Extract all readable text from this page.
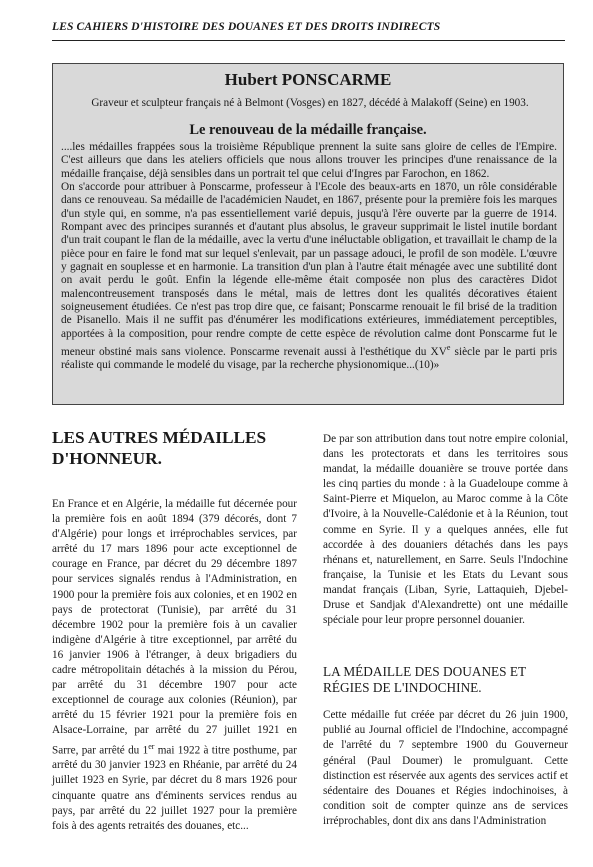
LES CAHIERS D'HISTOIRE DES DOUANES ET DES DROITS INDIRECTS
Hubert PONSCARME
Graveur et sculpteur français né à Belmont (Vosges) en 1827, décédé à Malakoff (Seine) en 1903.
Le renouveau de la médaille française.

....les médailles frappées sous la troisième République prennent la suite sans gloire de celles de l'Empire. C'est ailleurs que dans les ateliers officiels que nous allons trouver les principes d'une renaissance de la médaille française, déjà sensibles dans un portrait tel que celui d'Ingres par Farochon, en 1862.

On s'accorde pour attribuer à Ponscarme, professeur à l'Ecole des beaux-arts en 1870, un rôle considérable dans ce renouveau. Sa médaille de l'académicien Naudet, en 1867, présente pour la première fois les marques d'un style qui, en somme, n'a pas essentiellement varié depuis, jusqu'à l'ère ouverte par la guerre de 1914. Rompant avec des principes surannés et d'autant plus absolus, le graveur supprimait le listel inutile bordant d'un trait coupant le flan de la médaille, avec la vertu d'une inéluctable obligation, et travaillait le champ de la pièce pour en faire le fond mat sur lequel s'enlevait, par un passage adouci, le profil de son modèle. L'œuvre y gagnait en souplesse et en harmonie. La transition d'un plan à l'autre était ménagée avec une subtilité dont on avait perdu le goût. Enfin la légende elle-même était composée non plus des caractères Didot malencontreusement transposés dans le métal, mais de lettres dont les qualités décoratives étaient soigneusement étudiées. Ce n'est pas trop dire que, ce faisant; Ponscarme renouait le fil brisé de la tradition de Pisanello. Mais il ne suffit pas d'énumérer les modifications extérieures, immédiatement perceptibles, apportées à la composition, pour rendre compte de cette espèce de révolution calme dont Ponscarme fut le meneur obstiné mais sans violence. Ponscarme revenait aussi à l'esthétique du XVe siècle par le parti pris réaliste qui commande le modelé du visage, par la recherche physionomique...(10)»

LES AUTRES MÉDAILLES
D'HONNEUR.

En France et en Algérie, la médaille fut décernée pour la première fois en août 1894 (379 décorés, dont 7 d'Algérie) pour longs et irréprochables services, par arrêté du 17 mars 1896 pour acte exceptionnel de courage en France, par décret du 29 décembre 1897 pour services signalés rendus à l'Administration, en 1900 pour la première fois aux colonies, et en 1902 en pays de protectorat (Tunisie), par arrêté du 31 décembre 1902 pour la première fois à un cavalier indigène d'Algérie à titre exceptionnel, par arrêté du 16 janvier 1906 à l'étranger, à deux brigadiers du cadre métropolitain détachés à la mission du Pérou, par arrêté du 31 décembre 1907 pour acte exceptionnel de courage aux colonies (Réunion), par arrêté du 15 février 1921 pour la première fois en Alsace-Lorraine, par arrêté du 27 juillet 1921 en Sarre, par arrêté du 1er mai 1922 à titre posthume, par arrêté du 30 janvier 1923 en Rhéanie, par arrêté du 24 juillet 1923 en Syrie, par décret du 8 mars 1926 pour cinquante quatre ans d'éminents services rendus au pays, par arrêté du 22 juillet 1927 pour la première fois à des agents retraités des douanes, etc...

De par son attribution dans tout notre empire colonial, dans les protectorats et dans les territoires sous mandat, la médaille douanière se trouve portée dans les cinq parties du monde : à la Guadeloupe comme à Saint-Pierre et Miquelon, au Maroc comme à la Côte d'Ivoire, à la Nouvelle-Calédonie et à la Réunion, tout comme en Syrie. Il y a quelques années, elle fut accordée à des douaniers détachés dans les pays rhénans et, naturellement, en Sarre. Seuls l'Indochine française, la Tunisie et les Etats du Levant sous mandat français (Liban, Syrie, Lattaquieh, Djebel-Druse et Sandjak d'Alexandrette) ont une médaille spéciale pour leur propre personnel douanier.

LA MÉDAILLE DES DOUANES ET
RÉGIES DE L'INDOCHINE.

Cette médaille fut créée par décret du 26 juin 1900, publié au Journal officiel de l'Indochine, accompagné de l'arrêté du 7 septembre 1900 du Gouverneur général (Paul Doumer) le promulguant. Cette distinction est réservée aux agents des services actif et sédentaire des Douanes et Régies indochinoises, à condition soit de compter quinze ans de services irréprochables, dont dix ans dans l'Administration
